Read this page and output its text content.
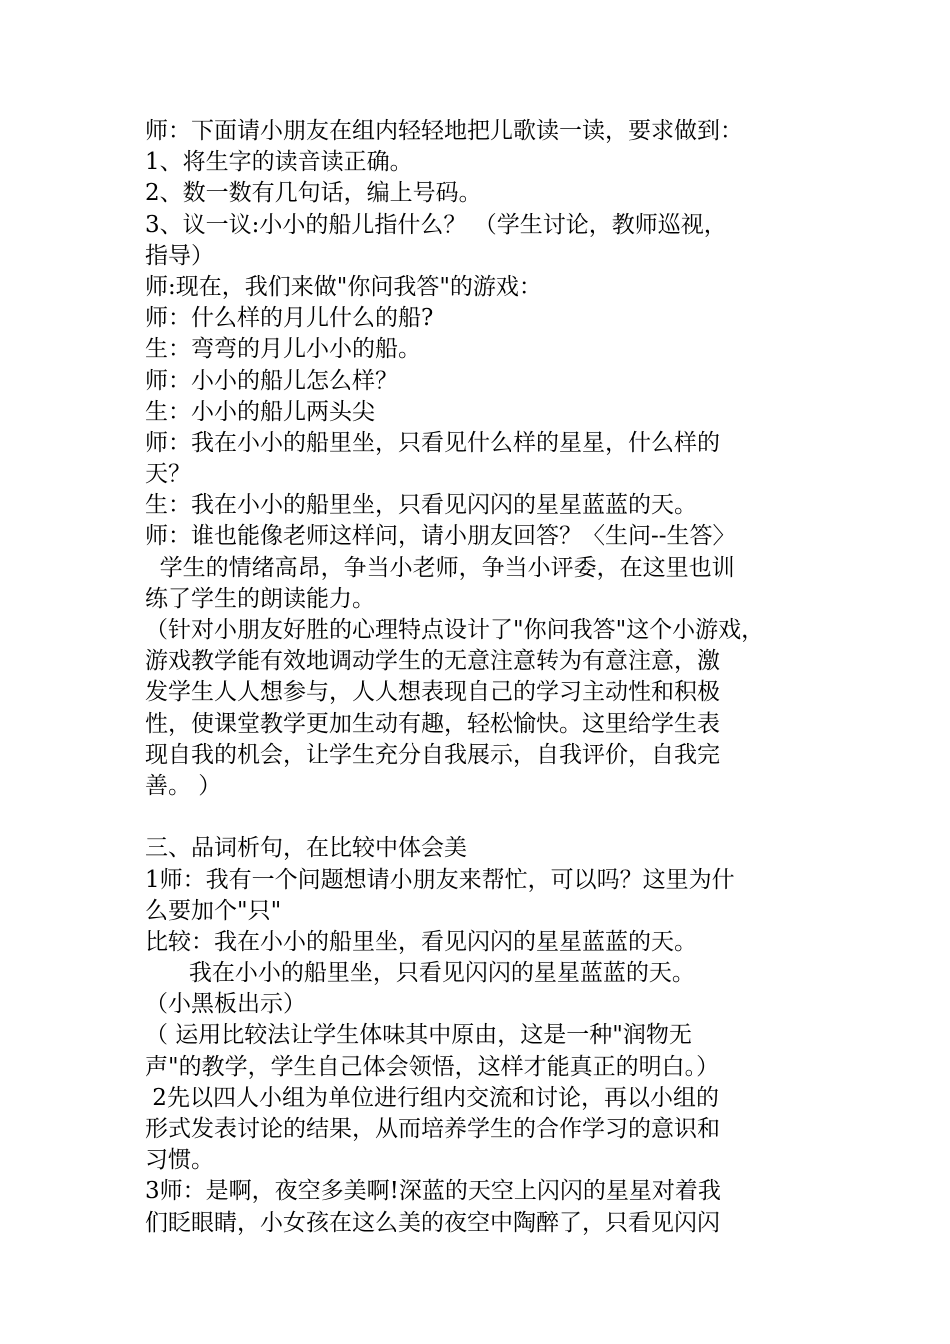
师：下面请小朋友在组内轻轻地把儿歌读一读，要求做到：
1、将生字的读音读正确。
2、数一数有几句话，编上号码。
3、议一议:小小的船儿指什么？ （学生讨论，教师巡视，
指导）
师:现在，我们来做"你问我答"的游戏：
师：什么样的月儿什么的船?
生：弯弯的月儿小小的船。
师：小小的船儿怎么样？
生：小小的船儿两头尖
师：我在小小的船里坐，只看见什么样的星星，什么样的
天？
生：我在小小的船里坐，只看见闪闪的星星蓝蓝的天。
师：谁也能像老师这样问，请小朋友回答？〈生问--生答〉
学生的情绪高昂，争当小老师，争当小评委，在这里也训
练了学生的朗读能力。
（针对小朋友好胜的心理特点设计了"你问我答"这个小游戏，
游戏教学能有效地调动学生的无意注意转为有意注意，激
发学生人人想参与，人人想表现自己的学习主动性和积极
性，使课堂教学更加生动有趣，轻松愉快。这里给学生表
现自我的机会，让学生充分自我展示，自我评价，自我完
善。 ）
三、品词析句，在比较中体会美
1师：我有一个问题想请小朋友来帮忙，可以吗？这里为什
么要加个"只"
比较：我在小小的船里坐，看见闪闪的星星蓝蓝的天。
我在小小的船里坐，只看见闪闪的星星蓝蓝的天。
（小黑板出示）
（ 运用比较法让学生体味其中原由，这是一种"润物无
声"的教学，学生自己体会领悟，这样才能真正的明白。）
2先以四人小组为单位进行组内交流和讨论，再以小组的
形式发表讨论的结果，从而培养学生的合作学习的意识和
习惯。
3师：是啊，夜空多美啊!深蓝的天空上闪闪的星星对着我
们眨眼睛，小女孩在这么美的夜空中陶醉了，只看见闪闪
